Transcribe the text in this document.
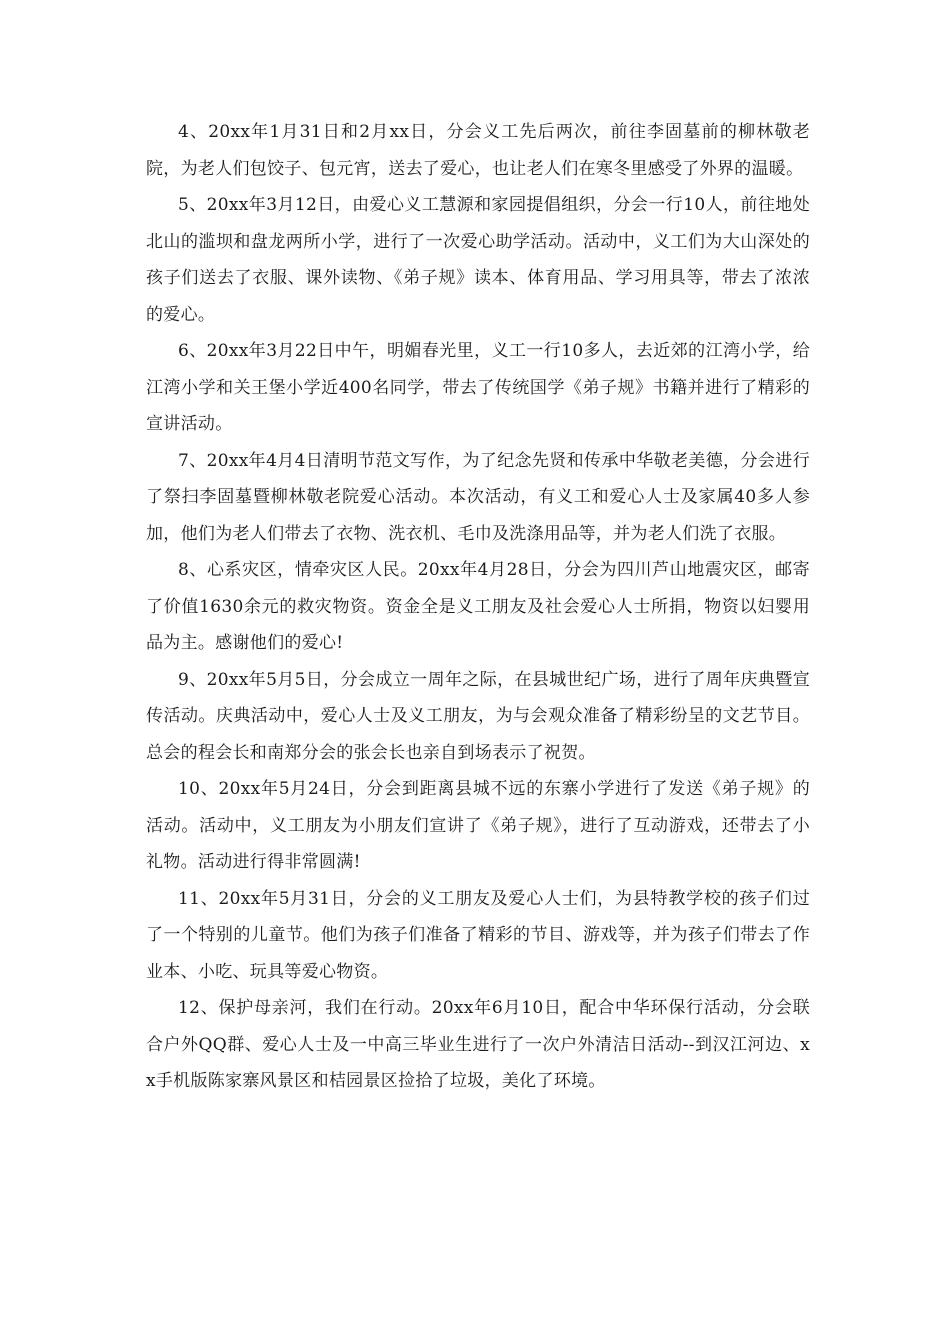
4、20xx年1月31日和2月xx日，分会义工先后两次，前往李固墓前的柳林敬老院，为老人们包饺子、包元宵，送去了爱心，也让老人们在寒冬里感受了外界的温暖。

5、20xx年3月12日，由爱心义工慧源和家园提倡组织，分会一行10人，前往地处北山的滥坝和盘龙两所小学，进行了一次爱心助学活动。活动中，义工们为大山深处的孩子们送去了衣服、课外读物、《弟子规》读本、体育用品、学习用具等，带去了浓浓的爱心。

6、20xx年3月22日中午，明媚春光里，义工一行10多人，去近郊的江湾小学，给江湾小学和关王堡小学近400名同学，带去了传统国学《弟子规》书籍并进行了精彩的宣讲活动。

7、20xx年4月4日清明节范文写作，为了纪念先贤和传承中华敬老美德，分会进行了祭扫李固墓暨柳林敬老院爱心活动。本次活动，有义工和爱心人士及家属40多人参加，他们为老人们带去了衣物、洗衣机、毛巾及洗涤用品等，并为老人们洗了衣服。

8、心系灾区，情牵灾区人民。20xx年4月28日，分会为四川芦山地震灾区，邮寄了价值1630余元的救灾物资。资金全是义工朋友及社会爱心人士所捐，物资以妇婴用品为主。感谢他们的爱心!

9、20xx年5月5日，分会成立一周年之际，在县城世纪广场，进行了周年庆典暨宣传活动。庆典活动中，爱心人士及义工朋友，为与会观众准备了精彩纷呈的文艺节目。总会的程会长和南郑分会的张会长也亲自到场表示了祝贺。

10、20xx年5月24日，分会到距离县城不远的东寨小学进行了发送《弟子规》的活动。活动中，义工朋友为小朋友们宣讲了《弟子规》，进行了互动游戏，还带去了小礼物。活动进行得非常圆满!

11、20xx年5月31日，分会的义工朋友及爱心人士们，为县特教学校的孩子们过了一个特别的儿童节。他们为孩子们准备了精彩的节目、游戏等，并为孩子们带去了作业本、小吃、玩具等爱心物资。

12、保护母亲河，我们在行动。20xx年6月10日，配合中华环保行活动，分会联合户外QQ群、爱心人士及一中高三毕业生进行了一次户外清洁日活动--到汉江河边、xx手机版陈家寨风景区和桔园景区捡拾了垃圾，美化了环境。
